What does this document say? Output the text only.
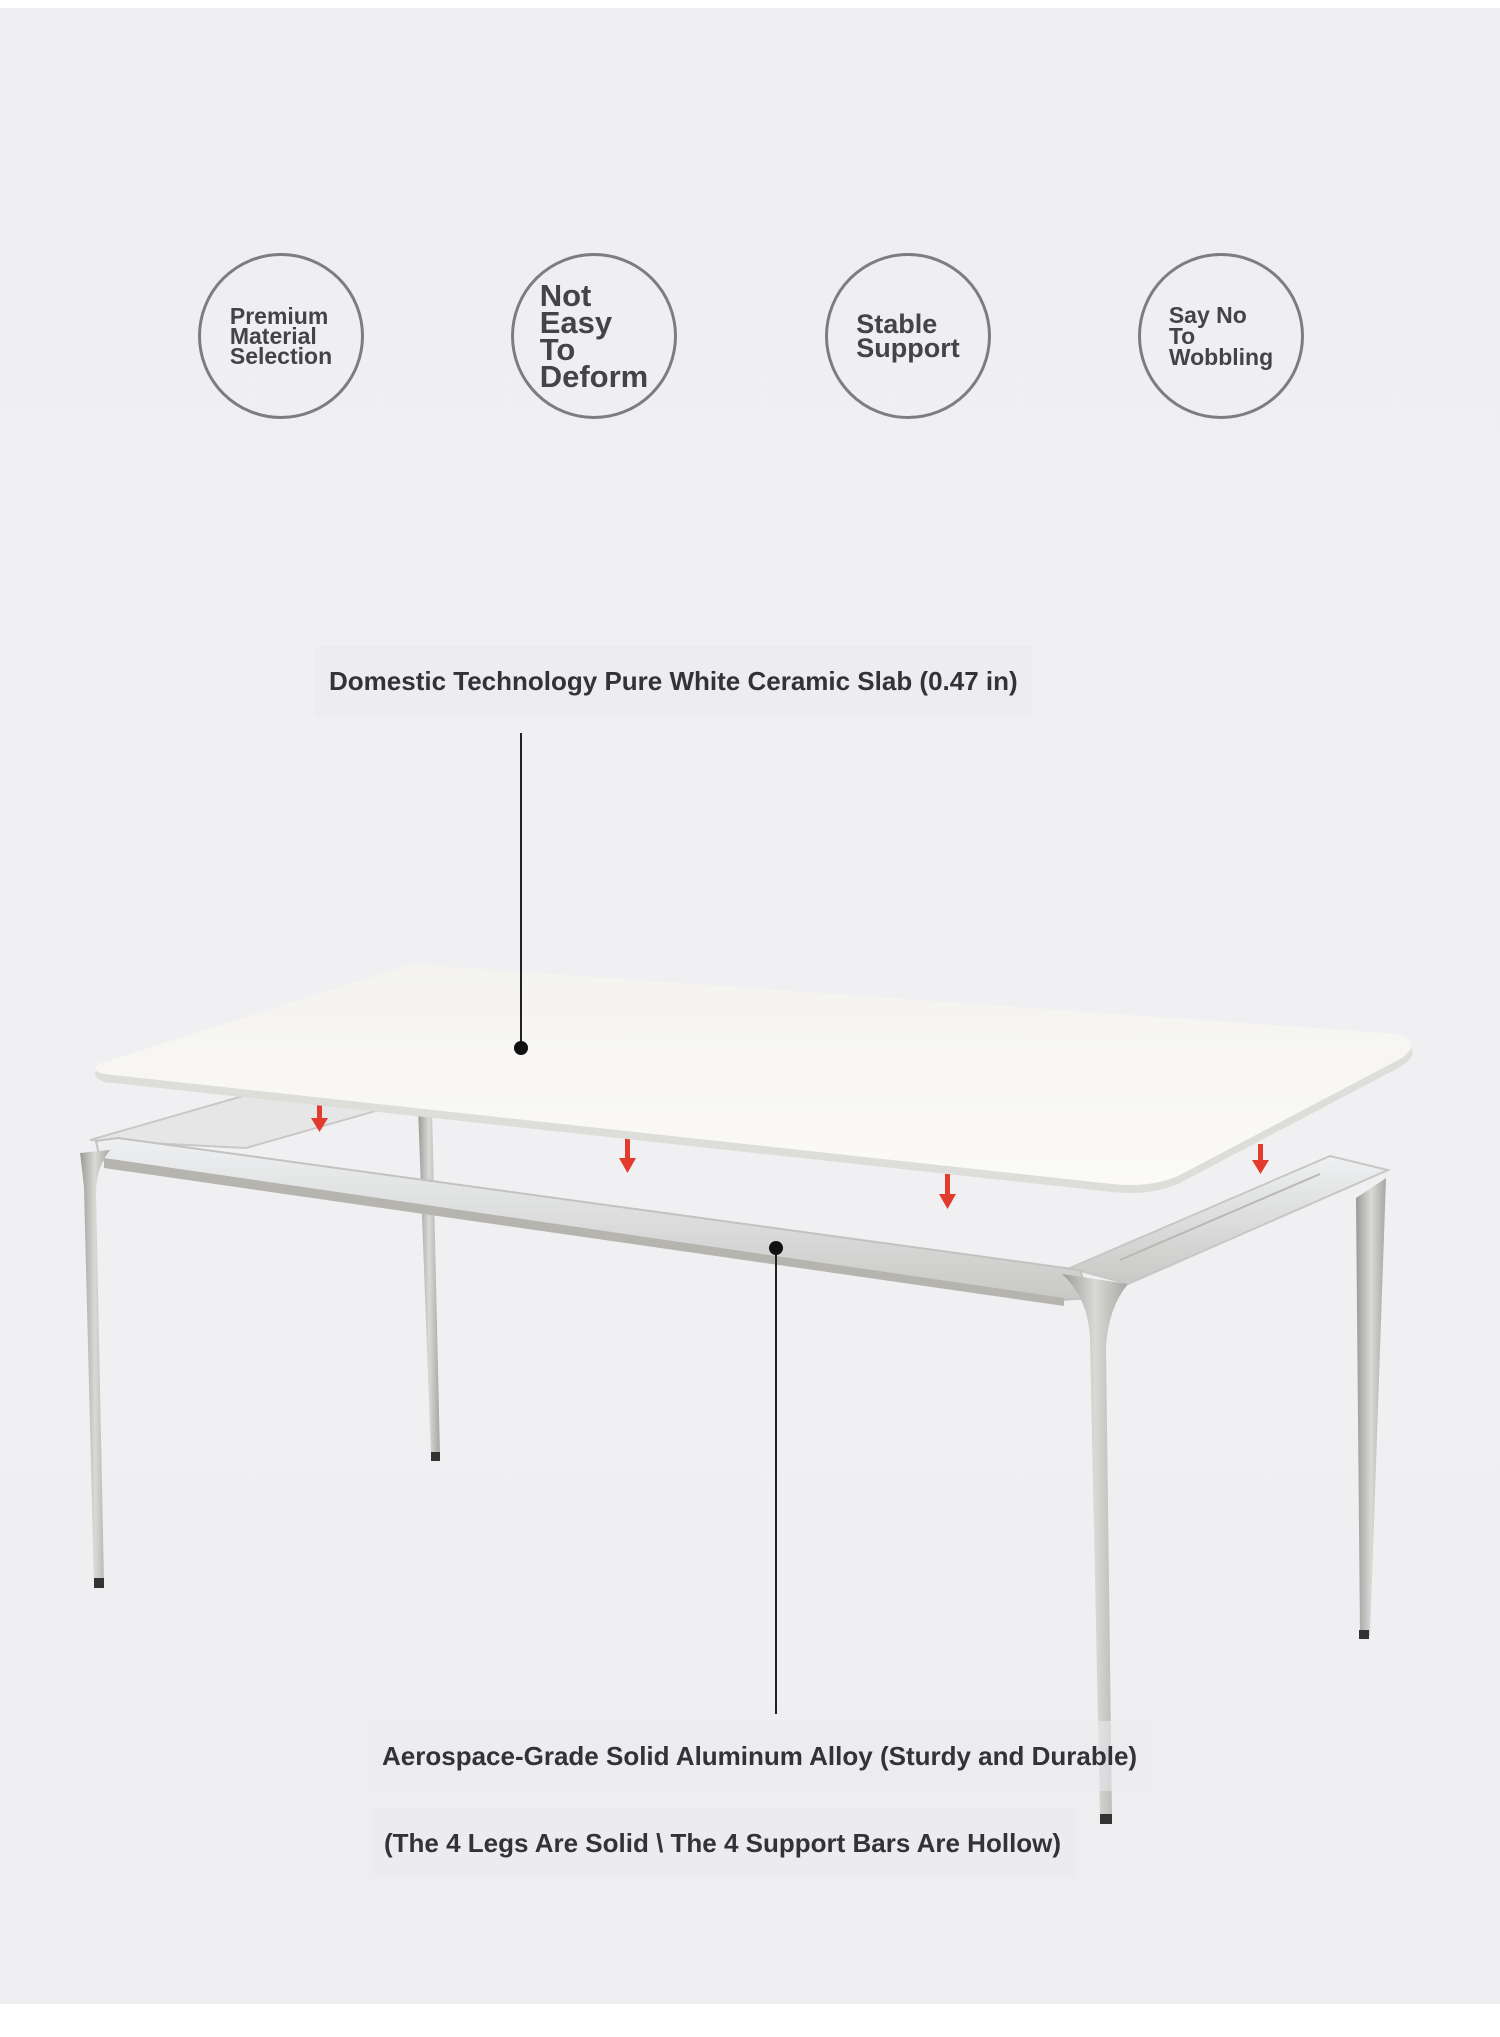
Premium
Material
Selection
Not
Easy
To
Deform
Stable
Support
Say No
To
Wobbling
Domestic Technology Pure White Ceramic Slab (0.47 in)
Aerospace-Grade Solid Aluminum Alloy (Sturdy and Durable)
(The 4 Legs Are Solid \ The 4 Support Bars Are Hollow)
